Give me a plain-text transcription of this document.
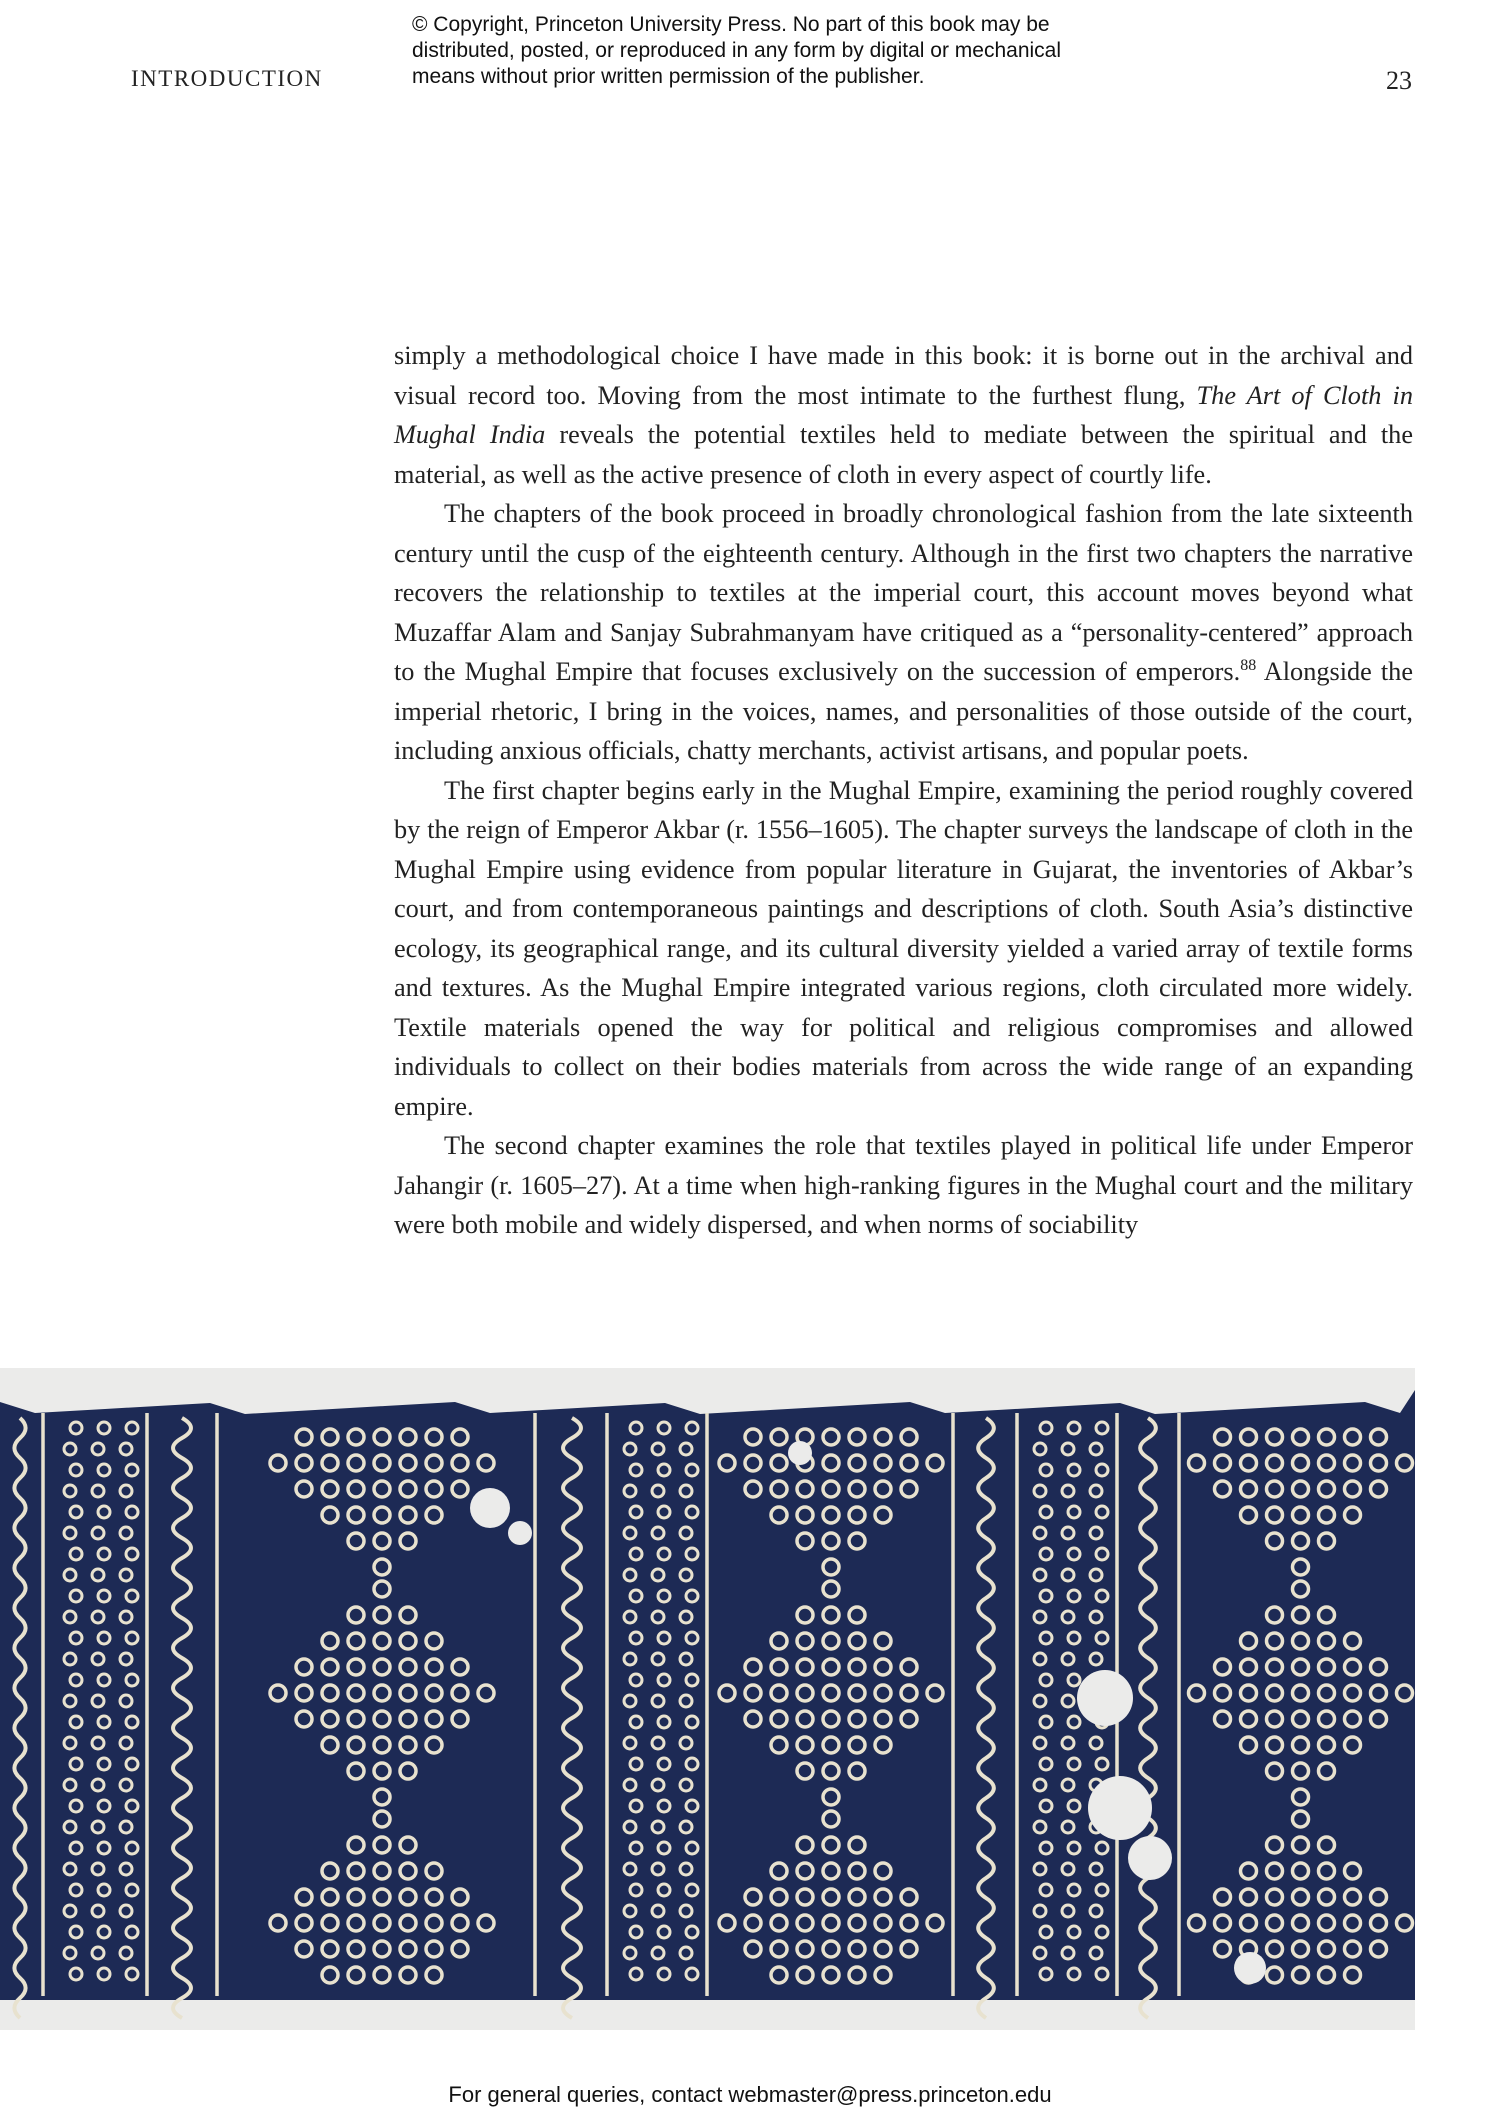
© Copyright, Princeton University Press. No part of this book may be
distributed, posted, or reproduced in any form by digital or mechanical
means without prior written permission of the publisher.
INTRODUCTION	23

simply a methodological choice I have made in this book: it is borne out in the archival and visual record too. Moving from the most intimate to the furthest flung, The Art of Cloth in Mughal India reveals the potential textiles held to mediate between the spiritual and the material, as well as the active presence of cloth in every aspect of courtly life.

The chapters of the book proceed in broadly chronological fashion from the late sixteenth century until the cusp of the eighteenth century. Although in the first two chapters the narrative recovers the relationship to textiles at the imperial court, this account moves beyond what Muzaffar Alam and Sanjay Subrahmanyam have critiqued as a “personality-centered” approach to the Mughal Empire that focuses exclusively on the succession of emperors.$^{88}$ Alongside the imperial rhetoric, I bring in the voices, names, and personalities of those outside of the court, including anxious officials, chatty merchants, activist artisans, and popular poets.

The first chapter begins early in the Mughal Empire, examining the period roughly covered by the reign of Emperor Akbar (r. 1556–1605). The chapter surveys the landscape of cloth in the Mughal Empire using evidence from popular literature in Gujarat, the inventories of Akbar’s court, and from contemporaneous paintings and descriptions of cloth. South Asia’s distinctive ecology, its geographical range, and its cultural diversity yielded a varied array of textile forms and textures. As the Mughal Empire integrated various regions, cloth circulated more widely. Textile materials opened the way for political and religious compromises and allowed individuals to collect on their bodies materials from across the wide range of an expanding empire.

The second chapter examines the role that textiles played in political life under Emperor Jahangir (r. 1605–27). At a time when high-ranking figures in the Mughal court and the military were both mobile and widely dispersed, and when norms of sociability

For general queries, contact webmaster@press.princeton.edu
